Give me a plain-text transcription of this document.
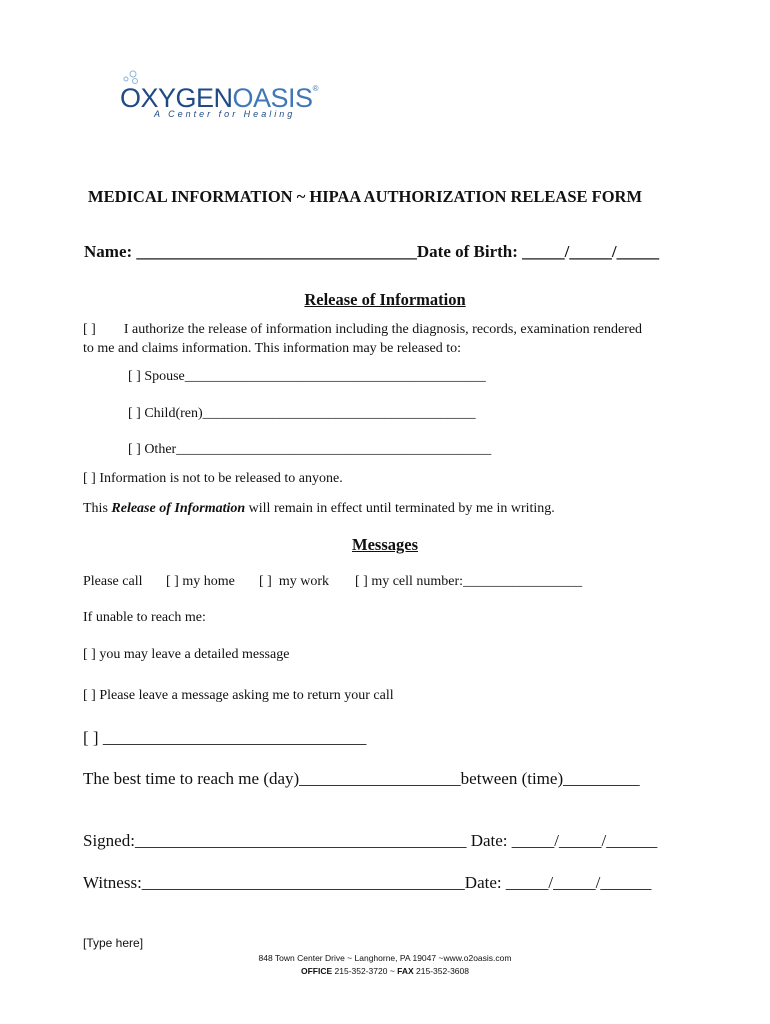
OXYGENOASIS®
A Center for Healing
MEDICAL INFORMATION ~ HIPAA AUTHORIZATION RELEASE FORM
Name: _________________________________Date of Birth: _____/_____/_____
Release of Information
[ ]        I authorize the release of information including the diagnosis, records, examination rendered
to me and claims information. This information may be released to:
[ ] Spouse___________________________________________
[ ] Child(ren)_______________________________________
[ ] Other_____________________________________________
[ ] Information is not to be released to anyone.
This Release of Information will remain in effect until terminated by me in writing.
Messages
Please call [ ] my home [ ]  my work [ ] my cell number:_________________
If unable to reach me:
[ ] you may leave a detailed message
[ ] Please leave a message asking me to return your call
[ ] _______________________________
The best time to reach me (day)___________________between (time)_________
Signed:_______________________________________ Date: _____/_____/______
Witness:______________________________________Date: _____/_____/______
[Type here]
848 Town Center Drive ~ Langhorne, PA 19047 ~www.o2oasis.com
OFFICE 215-352-3720 ~ FAX 215-352-3608
